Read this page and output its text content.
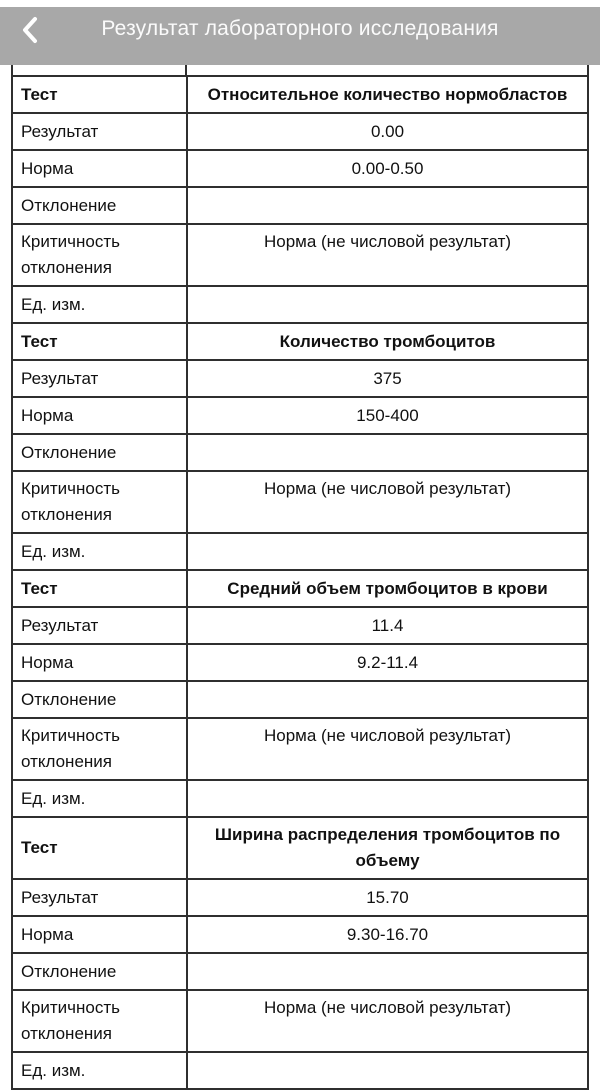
Результат лабораторного исследования
Тест	Относительное количество нормобластов
Результат	0.00
Норма	0.00-0.50
Отклонение	
Критичность отклонения	Норма (не числовой результат)
Ед. изм.	
Тест	Количество тромбоцитов
Результат	375
Норма	150-400
Отклонение	
Критичность отклонения	Норма (не числовой результат)
Ед. изм.	
Тест	Средний объем тромбоцитов в крови
Результат	11.4
Норма	9.2-11.4
Отклонение	
Критичность отклонения	Норма (не числовой результат)
Ед. изм.	
Тест	Ширина распределения тромбоцитов по объему
Результат	15.70
Норма	9.30-16.70
Отклонение	
Критичность отклонения	Норма (не числовой результат)
Ед. изм.	
